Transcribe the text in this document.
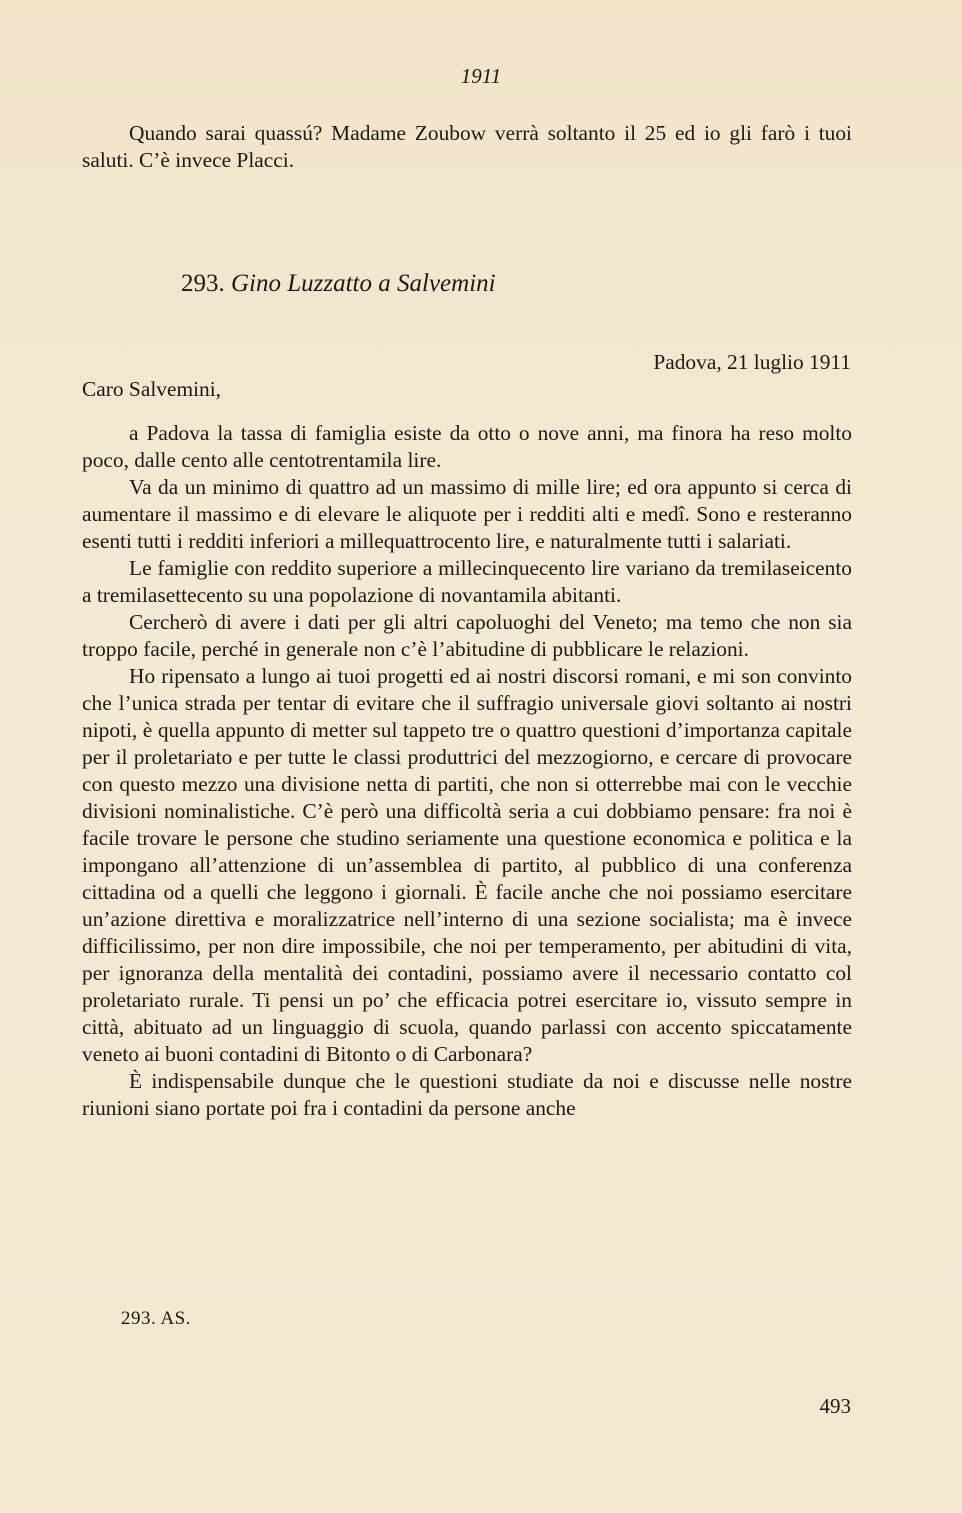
1911

Quando sarai quassú? Madame Zoubow verrà soltanto il 25 ed io gli farò i tuoi saluti. C’è invece Placci.

293. Gino Luzzatto a Salvemini
Padova, 21 luglio 1911
Caro Salvemini,

a Padova la tassa di famiglia esiste da otto o nove anni, ma finora ha reso molto poco, dalle cento alle centotrentamila lire.

Va da un minimo di quattro ad un massimo di mille lire; ed ora appunto si cerca di aumentare il massimo e di elevare le aliquote per i redditi alti e medî. Sono e resteranno esenti tutti i redditi inferiori a millequattrocento lire, e naturalmente tutti i salariati.

Le famiglie con reddito superiore a millecinquecento lire variano da tremilaseicento a tremilasettecento su una popolazione di novantamila abitanti.

Cercherò di avere i dati per gli altri capoluoghi del Veneto; ma temo che non sia troppo facile, perché in generale non c’è l’abitudine di pubblicare le relazioni.

Ho ripensato a lungo ai tuoi progetti ed ai nostri discorsi romani, e mi son convinto che l’unica strada per tentar di evitare che il suffragio universale giovi soltanto ai nostri nipoti, è quella appunto di metter sul tappeto tre o quattro questioni d’importanza capitale per il proletariato e per tutte le classi produttrici del mezzogiorno, e cercare di provocare con questo mezzo una divisione netta di partiti, che non si otterrebbe mai con le vecchie divisioni nominalistiche. C’è però una difficoltà seria a cui dobbiamo pensare: fra noi è facile trovare le persone che studino seriamente una questione economica e politica e la impongano all’attenzione di un’assemblea di partito, al pubblico di una conferenza cittadina od a quelli che leggono i giornali. È facile anche che noi possiamo esercitare un’azione direttiva e moralizzatrice nell’interno di una sezione socialista; ma è invece difficilissimo, per non dire impossibile, che noi per temperamento, per abitudini di vita, per ignoranza della mentalità dei contadini, possiamo avere il necessario contatto col proletariato rurale. Ti pensi un po’ che efficacia potrei esercitare io, vissuto sempre in città, abituato ad un linguaggio di scuola, quando parlassi con accento spiccatamente veneto ai buoni contadini di Bitonto o di Carbonara?

È indispensabile dunque che le questioni studiate da noi e discusse nelle nostre riunioni siano portate poi fra i contadini da persone anche

293. AS.
493
